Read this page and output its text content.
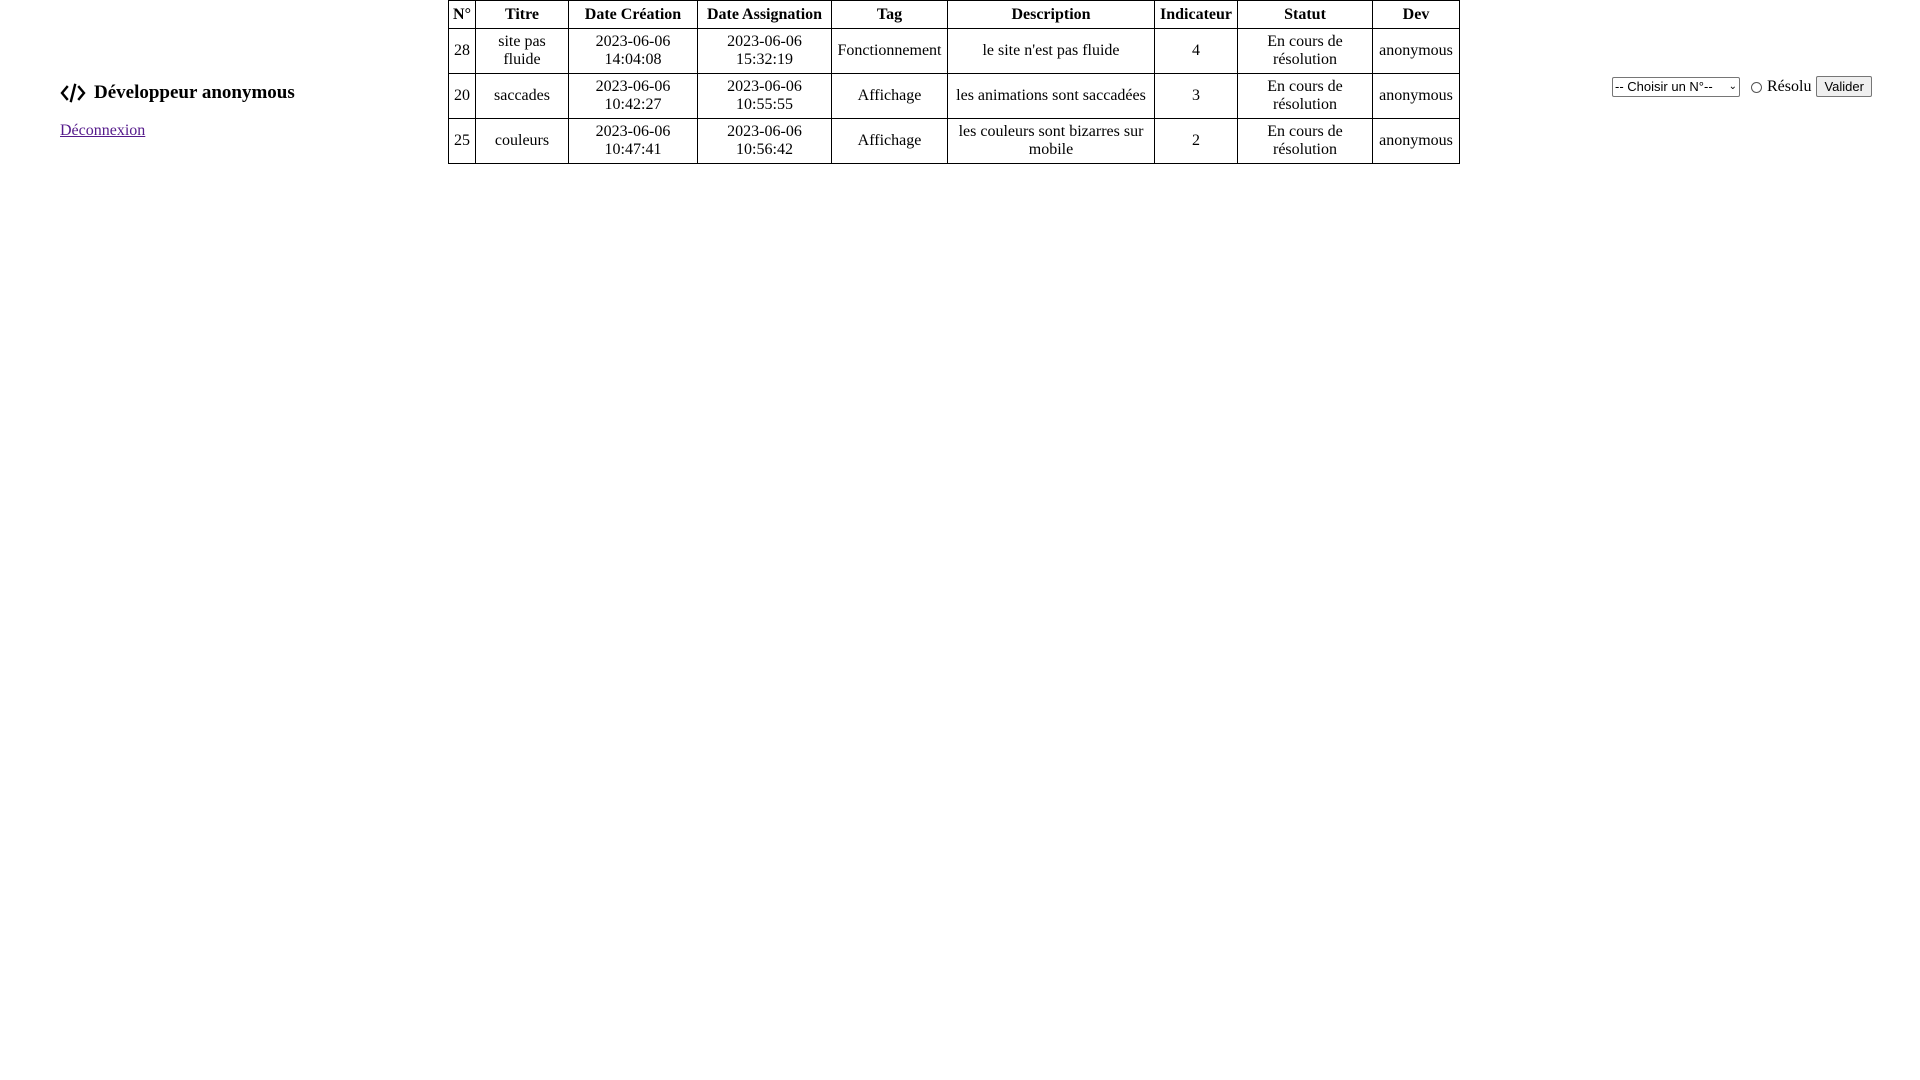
Développeur anonymous
Déconnexion
N°	Titre	Date Création	Date Assignation	Tag	Description	Indicateur	Statut	Dev
28	site pas fluide	2023-06-06 14:04:08	2023-06-06 15:32:19	Fonctionnement	le site n'est pas fluide	4	En cours de résolution	anonymous
20	saccades	2023-06-06 10:42:27	2023-06-06 10:55:55	Affichage	les animations sont saccadées	3	En cours de résolution	anonymous
25	couleurs	2023-06-06 10:47:41	2023-06-06 10:56:42	Affichage	les couleurs sont bizarres sur mobile	2	En cours de résolution	anonymous
-- Choisir un N°-- ⌄ Résolu	Valider
